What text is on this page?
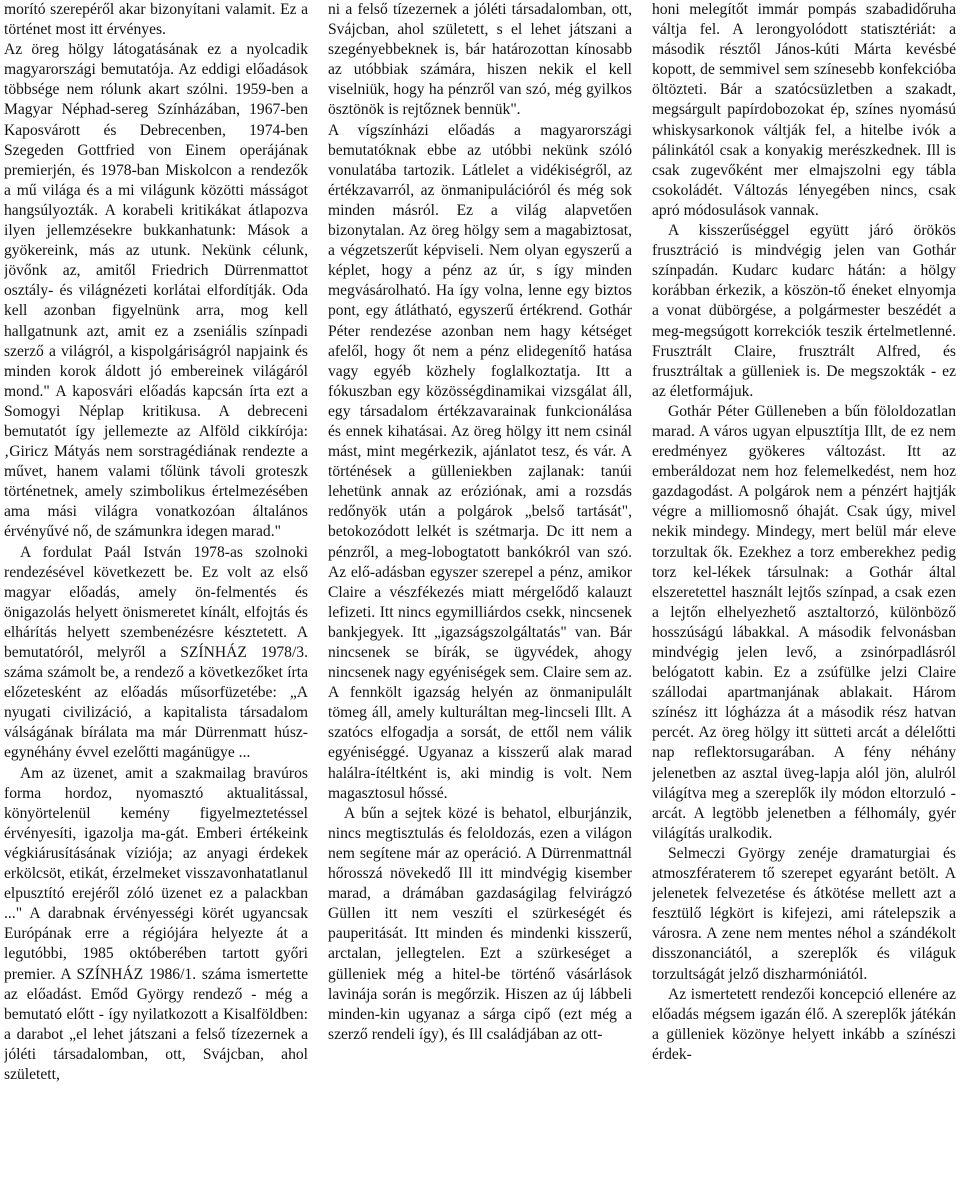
morító szerepéről akar bizonyítani valamit. Ez a történet most itt érvényes.

Az öreg hölgy látogatásának ez a nyolcadik magyarországi bemutatója. Az eddigi előadások többsége nem rólunk akart szólni. 1959-ben a Magyar Néphad-sereg Színházában, 1967-ben Kaposvárott és Debrecenben, 1974-ben Szegeden Gottfried von Einem operájának premierjén, és 1978-ban Miskolcon a rendezők a mű világa és a mi világunk közötti másságot hangsúlyozták. A korabeli kritikákat átlapozva ilyen jellemzésekre bukkanhatunk: Mások a gyökereink, más az utunk. Nekünk célunk, jövőnk az, amitől Friedrich Dürrenmattot osztály- és világnézeti korlátai elfordítják. Oda kell azonban figyelnünk arra, mog kell hallgatnunk azt, amit ez a zseniális színpadi szerző a világról, a kispolgáriságról napjaink és minden korok áldott jó embereinek világáról mond." A kaposvári előadás kapcsán írta ezt a Somogyi Néplap kritikusa. A debreceni bemutatót így jellemezte az Alföld cikkírója: ‚Giricz Mátyás nem sorstragédiának rendezte a művet, hanem valami tőlünk távoli groteszk történetnek, amely szimbolikus értelmezésében ama mási világra vonatkozóan általános érvényűvé nő, de számunkra idegen marad."

A fordulat Paál István 1978-as szolnoki rendezésével következett be. Ez volt az első magyar előadás, amely ön-felmentés és önigazolás helyett önismeretet kínált, elfojtás és elhárítás helyett szembenézésre késztetett. A bemutatóról, melyről a SZÍNHÁZ 1978/3. száma számolt be, a rendező a következőket írta előzetesként az előadás műsorfüzetébe: „A nyugati civilizáció, a kapitalista társadalom válságának bírálata ma már Dürrenmatt húsz-egynéhány évvel ezelőtti magánügye ...

Am az üzenet, amit a szakmailag bravúros forma hordoz, nyomasztó aktualitással, könyörtelenül kemény figyelmeztetéssel érvényesíti, igazolja ma-gát. Emberi értékeink végkiárusításának víziója; az anyagi érdekek erkölcsöt, etikát, érzelmeket visszavonhatatlanul elpusztító erejéről zóló üzenet ez a palackban ..." A darabnak érvényességi körét ugyancsak Európának erre a régiójára helyezte át a legutóbbi, 1985 októberében tartott győri premier. A SZÍNHÁZ 1986/1. száma ismertette az előadást. Emőd György rendező - még a bemutató előtt - így nyilatkozott a Kisalföldben: a darabot „el lehet játszani a felső tízezernek a jóléti társadalomban, ott, Svájcban, ahol született,

ni a felső tízezernek a jóléti társadalomban, ott, Svájcban, ahol született, s el lehet játszani a szegényebbeknek is, bár határozottan kínosabb az utóbbiak számára, hiszen nekik el kell viselniük, hogy ha pénzről van szó, még gyilkos ösztönök is rejtőznek bennük".

A vígszínházi előadás a magyarországi bemutatóknak ebbe az utóbbi nekünk szóló vonulatába tartozik. Látlelet a vidékiségről, az értékzavarról, az önmanipulációról és még sok minden másról. Ez a világ alapvetően bizonytalan. Az öreg hölgy sem a magabiztosat, a végzetszerűt képviseli. Nem olyan egyszerű a képlet, hogy a pénz az úr, s így minden megvásárolható. Ha így volna, lenne egy biztos pont, egy átlátható, egyszerű értékrend. Gothár Péter rendezése azonban nem hagy kétséget afelől, hogy őt nem a pénz elidegenítő hatása vagy egyéb közhely foglalkoztatja. Itt a fókuszban egy közösségdinamikai vizsgálat áll, egy társadalom értékzavarainak funkcionálása és ennek kihatásai. Az öreg hölgy itt nem csinál mást, mint megérkezik, ajánlatot tesz, és vár. A történések a gülleniekben zajlanak: tanúi lehetünk annak az eróziónak, ami a rozsdás redőnyök után a polgárok „belső tartását", betokozódott lelkét is szétmarja. Dc itt nem a pénzről, a meg-lobogtatott bankókról van szó. Az elő-adásban egyszer szerepel a pénz, amikor Claire a vészfékezés miatt mérgelődő kalauzt lefizeti. Itt nincs egymilliárdos csekk, nincsenek bankjegyek. Itt „igazságszolgáltatás" van. Bár nincsenek se bírák, se ügyvédek, ahogy nincsenek nagy egyéniségek sem. Claire sem az. A fennkölt igazság helyén az önmanipulált tömeg áll, amely kulturáltan meg-lincseli Illt. A szatócs elfogadja a sorsát, de ettől nem válik egyéniséggé. Ugyanaz a kisszerű alak marad halálra-ítéltként is, aki mindig is volt. Nem magasztosul hőssé.

A bűn a sejtek közé is behatol, elburjánzik, nincs megtisztulás és feloldozás, ezen a világon nem segítene már az operáció. A Dürrenmattnál hőrosszá növekedő Ill itt mindvégig kisember marad, a drámában gazdaságilag felvirágzó Güllen itt nem veszíti el szürkeségét és pauperitását. Itt minden és mindenki kisszerű, arctalan, jellegtelen. Ezt a szürkeséget a gülleniek még a hitel-be történő vásárlások lavinája során is megőrzik. Hiszen az új lábbeli minden-kin ugyanaz a sárga cipő (ezt még a szerző rendeli így), és Ill családjában az ott-

honi melegítőt immár pompás szabadidőruha váltja fel. A lerongyolódott statisztériát: a második résztől János-kúti Márta kevésbé kopott, de semmivel sem színesebb konfekcióba öltözteti. Bár a szatócsüzletben a szakadt, megsárgult papírdobozokat ép, színes nyomású whiskysarkonok váltják fel, a hitelbe ivók a pálinkától csak a konyakig merészkednek. Ill is csak zugevőként mer elmajszolni egy tábla csokoládét. Változás lényegében nincs, csak apró módosulások vannak.

A kisszerűséggel együtt járó örökös frusztráció is mindvégig jelen van Gothár színpadán. Kudarc kudarc hátán: a hölgy korábban érkezik, a köszön-tő éneket elnyomja a vonat dübörgése, a polgármester beszédét a meg-megsúgott korrekciók teszik értelmetlenné. Frusztrált Claire, frusztrált Alfred, és frusztráltak a gülleniek is. De megszokták - ez az életformájuk.

Gothár Péter Gülleneben a bűn föloldozatlan marad. A város ugyan elpusztítja Illt, de ez nem eredményez gyökeres változást. Itt az emberáldozat nem hoz felemelkedést, nem hoz gazdagodást. A polgárok nem a pénzért hajtják végre a milliomosnő óhaját. Csak úgy, mivel nekik mindegy. Mindegy, mert belül már eleve torzultak ők. Ezekhez a torz emberekhez pedig torz kel-lékek társulnak: a Gothár által elszeretettel használt lejtős színpad, a csak ezen a lejtőn elhelyezhető asztaltorzó, különböző hosszúságú lábakkal. A második felvonásban mindvégig jelen levő, a zsinórpadlásról belógatott kabin. Ez a zsúfülke jelzi Claire szállodai apartmanjának ablakait. Három színész itt lógházza át a második rész hatvan percét. Az öreg hölgy itt sütteti arcát a délelőtti nap reflektorsugarában. A fény néhány jelenetben az asztal üveg-lapja alól jön, alulról világítva meg a szereplők ily módon eltorzuló - arcát. A legtöbb jelenetben a félhomály, gyér világítás uralkodik.

Selmeczi György zenéje dramaturgiai és atmoszfératerem tő szerepet egyaránt betölt. A jelenetek felvezetése és átkötése mellett azt a fesztülő légkört is kifejezi, ami rátelepszik a városra. A zene nem mentes néhol a szándékolt disszonanciától, a szereplők és világuk torzultságát jelző diszharmóniától.

Az ismertetett rendezői koncepció ellenére az előadás mégsem igazán élő. A szereplők játékán a gülleniek közönye helyett inkább a színészi érdek-
